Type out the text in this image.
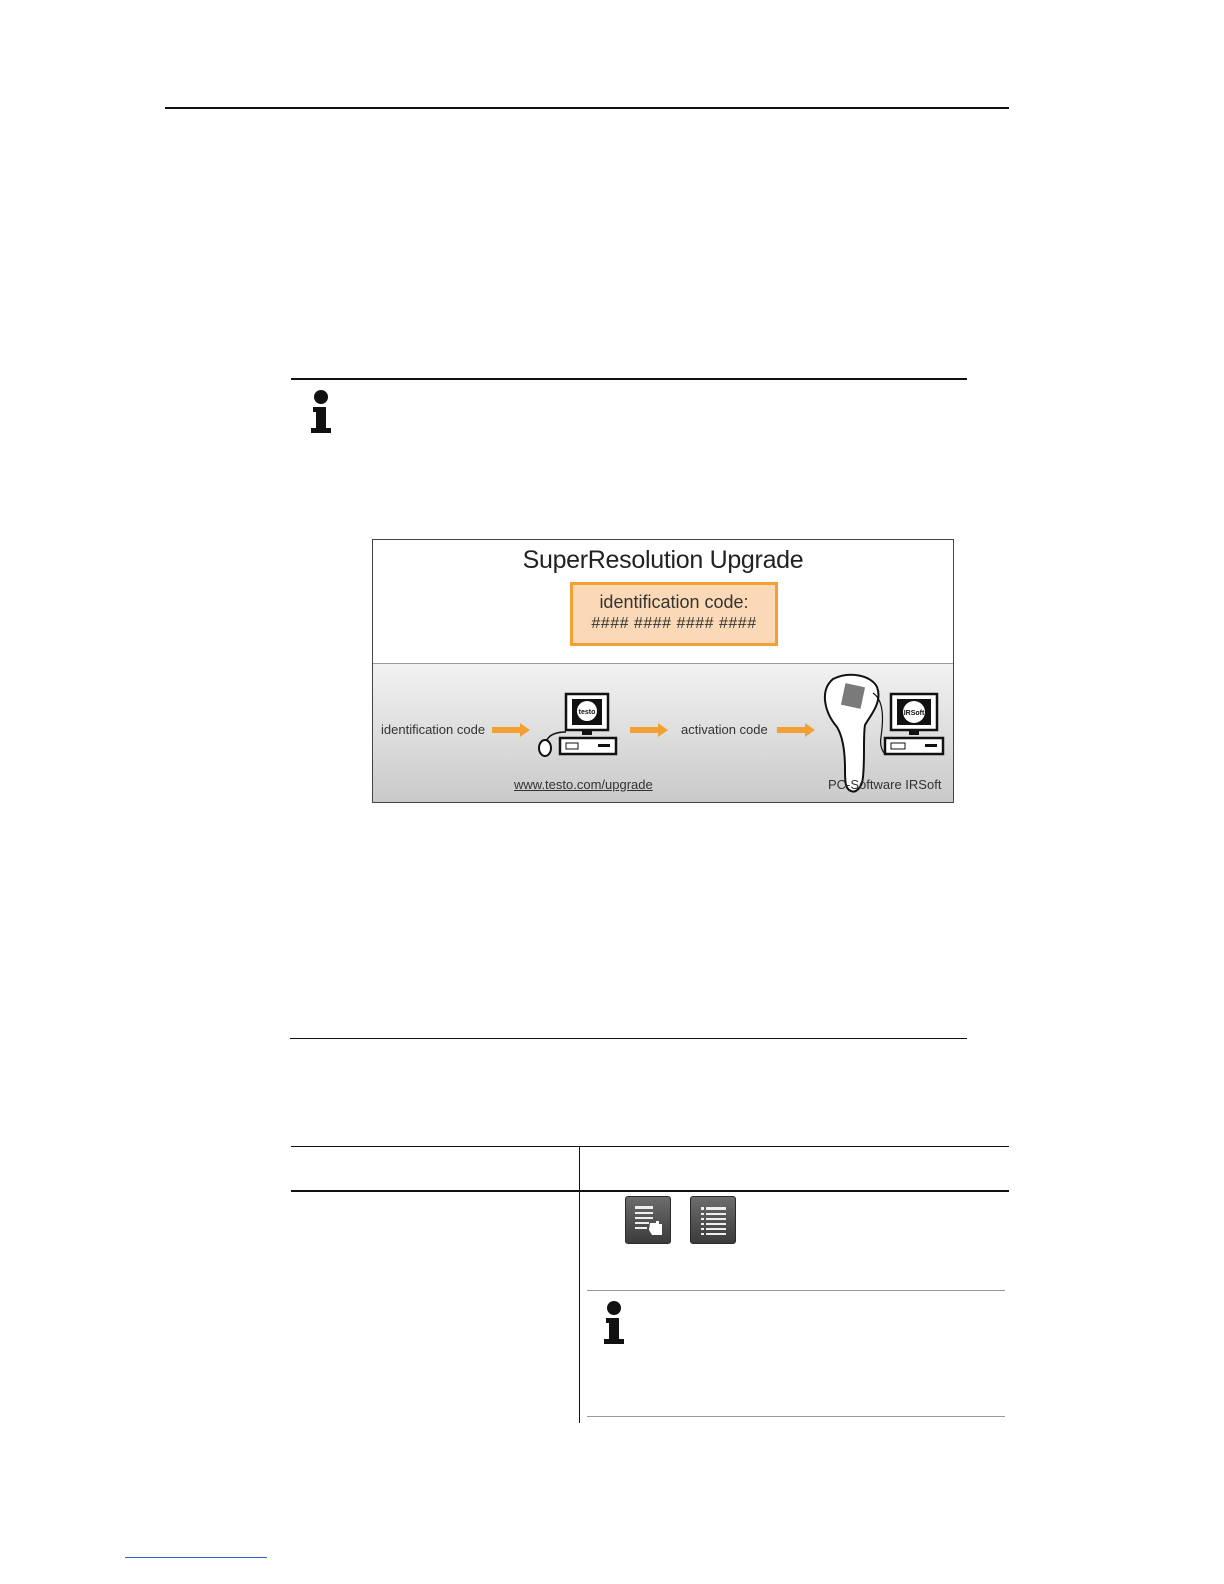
SuperResolution Upgrade
identification code:
#### #### #### ####
identification code
testo
activation code
IRSoft
www.testo.com/upgrade	PC-Software IRSoft
